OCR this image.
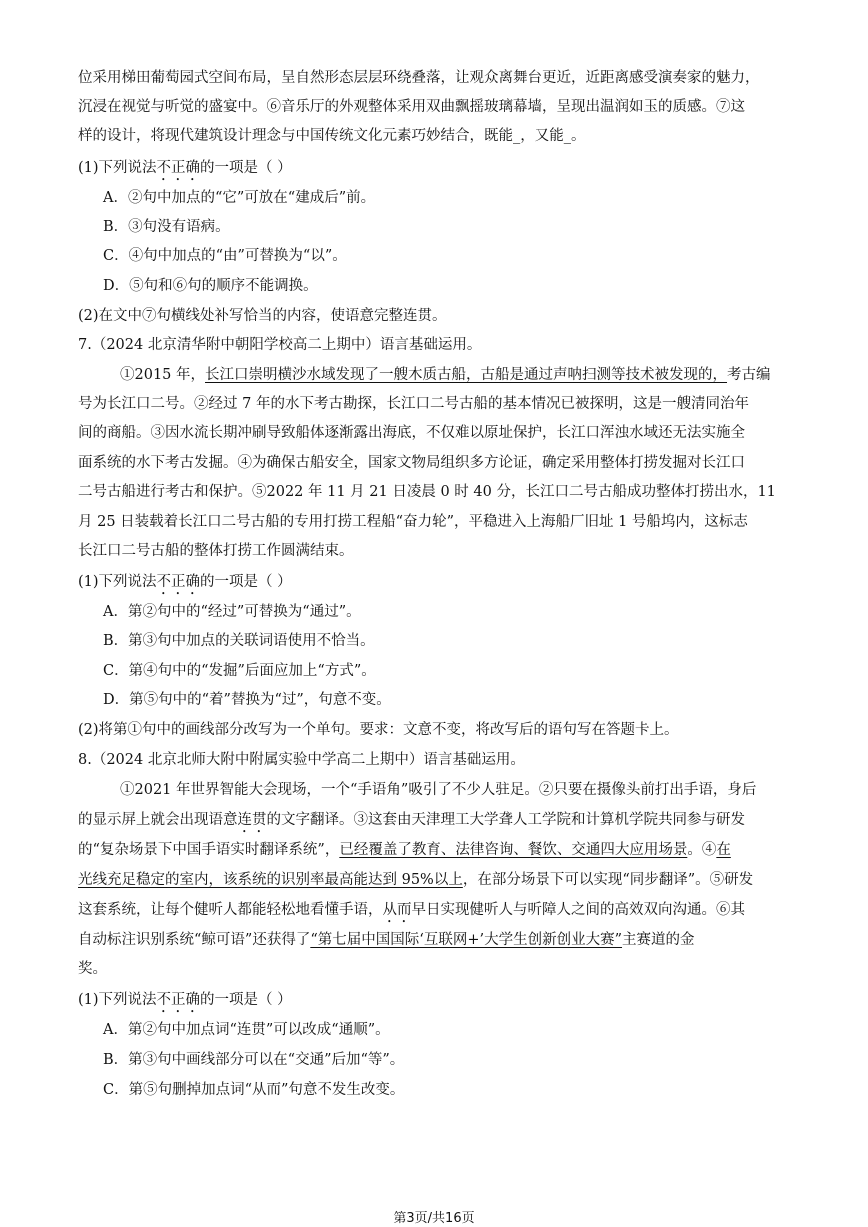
位采用梯田葡萄园式空间布局，呈自然形态层层环绕叠落，让观众离舞台更近，近距离感受演奏家的魅力，
沉浸在视觉与听觉的盛宴中。⑥音乐厅的外观整体采用双曲飘摇玻璃幕墙，呈现出温润如玉的质感。⑦这
样的设计，将现代建筑设计理念与中国传统文化元素巧妙结合，既能_，又能_。
(1)下列说法不正确的一项是（ ）
A．②句中加点的“它”可放在“建成后”前。
B．③句没有语病。
C．④句中加点的“由”可替换为“以”。
D．⑤句和⑥句的顺序不能调换。
(2)在文中⑦句横线处补写恰当的内容，使语意完整连贯。
7.（2024 北京清华附中朝阳学校高二上期中）语言基础运用。
①2015 年，长江口崇明横沙水域发现了一艘木质古船，古船是通过声呐扫测等技术被发现的，考古编
号为长江口二号。②经过 7 年的水下考古勘探，长江口二号古船的基本情况已被探明，这是一艘清同治年
间的商船。③因水流长期冲刷导致船体逐渐露出海底，不仅难以原址保护，长江口浑浊水域还无法实施全
面系统的水下考古发掘。④为确保古船安全，国家文物局组织多方论证，确定采用整体打捞发掘对长江口
二号古船进行考古和保护。⑤2022 年 11 月 21 日凌晨 0 时 40 分，长江口二号古船成功整体打捞出水，11
月 25 日装载着长江口二号古船的专用打捞工程船“奋力轮”，平稳进入上海船厂旧址 1 号船坞内，这标志
长江口二号古船的整体打捞工作圆满结束。
(1)下列说法不正确的一项是（ ）
A．第②句中的“经过”可替换为“通过”。
B．第③句中加点的关联词语使用不恰当。
C．第④句中的“发掘”后面应加上“方式”。
D．第⑤句中的“着”替换为“过”，句意不变。
(2)将第①句中的画线部分改写为一个单句。要求：文意不变，将改写后的语句写在答题卡上。
8.（2024 北京北师大附中附属实验中学高二上期中）语言基础运用。
①2021 年世界智能大会现场，一个“手语角”吸引了不少人驻足。②只要在摄像头前打出手语，身后
的显示屏上就会出现语意连贯的文字翻译。③这套由天津理工大学聋人工学院和计算机学院共同参与研发
的“复杂场景下中国手语实时翻译系统”，已经覆盖了教育、法律咨询、餐饮、交通四大应用场景。④在
光线充足稳定的室内，该系统的识别率最高能达到 95%以上，在部分场景下可以实现“同步翻译”。⑤研发
这套系统，让每个健听人都能轻松地看懂手语，从而早日实现健听人与听障人之间的高效双向沟通。⑥其
自动标注识别系统“鲸可语”还获得了“第七届中国国际‘互联网+’大学生创新创业大赛”主赛道的金
奖。
(1)下列说法不正确的一项是（ ）
A．第②句中加点词“连贯”可以改成“通顺”。
B．第③句中画线部分可以在“交通”后加“等”。
C．第⑤句删掉加点词“从而”句意不发生改变。
第3页/共16页
